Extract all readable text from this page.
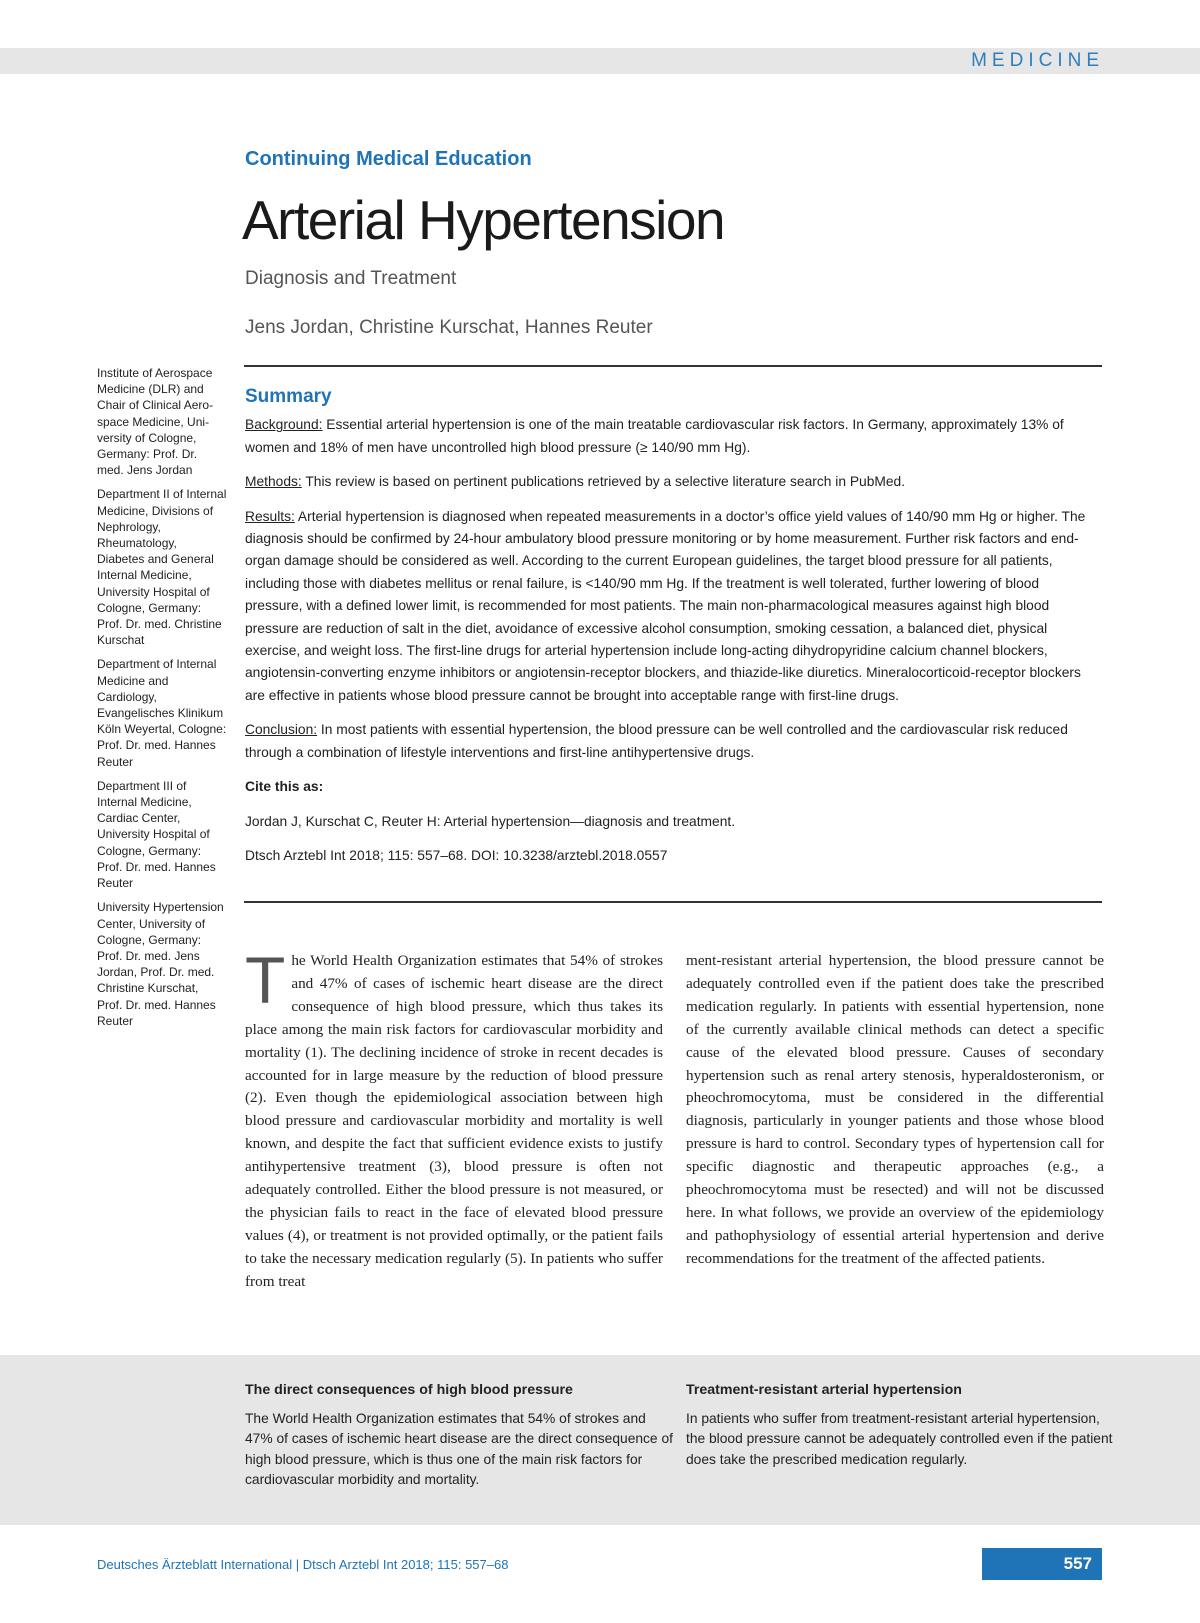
MEDICINE
Continuing Medical Education
Arterial Hypertension
Diagnosis and Treatment
Jens Jordan, Christine Kurschat, Hannes Reuter

Institute of Aerospace Medicine (DLR) and Chair of Clinical Aerospace Medicine, University of Cologne, Germany: Prof. Dr. med. Jens Jordan

Department II of Internal Medicine, Divisions of Nephrology, Rheumatology, Diabetes and General Internal Medicine, University Hospital of Cologne, Germany: Prof. Dr. med. Christine Kurschat

Department of Internal Medicine and Cardiology, Evangelisches Klinikum Köln Weyertal, Cologne: Prof. Dr. med. Hannes Reuter

Department III of Internal Medicine, Cardiac Center, University Hospital of Cologne, Germany: Prof. Dr. med. Hannes Reuter

University Hypertension Center, University of Cologne, Germany: Prof. Dr. med. Jens Jordan, Prof. Dr. med. Christine Kurschat, Prof. Dr. med. Hannes Reuter

Summary

Background: Essential arterial hypertension is one of the main treatable cardiovascular risk factors. In Germany, approximately 13% of women and 18% of men have uncontrolled high blood pressure (≥ 140/90 mm Hg).

Methods: This review is based on pertinent publications retrieved by a selective literature search in PubMed.

Results: Arterial hypertension is diagnosed when repeated measurements in a doctor’s office yield values of 140/90 mm Hg or higher. The diagnosis should be confirmed by 24-hour ambulatory blood pressure monitoring or by home measurement. Further risk factors and end-organ damage should be considered as well. According to the current European guidelines, the target blood pressure for all patients, including those with diabetes mellitus or renal failure, is <140/90 mm Hg. If the treatment is well tolerated, further lowering of blood pressure, with a defined lower limit, is recommended for most patients. The main non-pharmacological measures against high blood pressure are reduction of salt in the diet, avoidance of excessive alcohol consumption, smoking cessation, a balanced diet, physical exercise, and weight loss. The first-line drugs for arterial hypertension include long-acting dihydropyridine calcium channel blockers, angiotensin-converting enzyme inhibitors or angiotensin-receptor blockers, and thiazide-like diuretics. Mineralocorticoid-receptor blockers are effective in patients whose blood pressure cannot be brought into acceptable range with first-line drugs.

Conclusion: In most patients with essential hypertension, the blood pressure can be well controlled and the cardiovascular risk reduced through a combination of lifestyle interventions and first-line antihypertensive drugs.

Cite this as:

Jordan J, Kurschat C, Reuter H: Arterial hypertension—diagnosis and treatment.

Dtsch Arztebl Int 2018; 115: 557–68. DOI: 10.3238/arztebl.2018.0557

T he World Health Organization estimates that 54% of strokes and 47% of cases of ischemic heart disease are the direct consequence of high blood pressure, which thus takes its place among the main risk factors for cardiovascular morbidity and mortality (1). The declining incidence of stroke in recent decades is accounted for in large measure by the reduction of blood pressure (2). Even though the epidemiological association between high blood pressure and cardiovascular morbidity and mortality is well known, and despite the fact that sufficient evidence exists to justify antihypertensive treatment (3), blood pressure is often not adequately controlled. Either the blood pressure is not measured, or the physician fails to react in the face of elevated blood pressure values (4), or treatment is not provided optimally, or the patient fails to take the necessary medication regularly (5). In patients who suffer from treat

ment-resistant arterial hypertension, the blood pressure cannot be adequately controlled even if the patient does take the prescribed medication regularly. In patients with essential hypertension, none of the currently available clinical methods can detect a specific cause of the elevated blood pressure. Causes of secondary hypertension such as renal artery stenosis, hyperaldosteronism, or pheochromocytoma, must be considered in the differential diagnosis, particularly in younger patients and those whose blood pressure is hard to control. Secondary types of hypertension call for specific diagnostic and therapeutic approaches (e.g., a pheochromocytoma must be resected) and will not be discussed here. In what follows, we provide an overview of the epidemiology and pathophysiology of essential arterial hypertension and derive recommendations for the treatment of the affected patients.

The direct consequences of high blood pressure

The World Health Organization estimates that 54% of strokes and 47% of cases of ischemic heart disease are the direct consequence of high blood pressure, which is thus one of the main risk factors for cardiovascular morbidity and mortality.

Treatment-resistant arterial hypertension

In patients who suffer from treatment-resistant arterial hypertension, the blood pressure cannot be adequately controlled even if the patient does take the prescribed medication regularly.

Deutsches Ärzteblatt International | Dtsch Arztebl Int 2018; 115: 557–68	557
